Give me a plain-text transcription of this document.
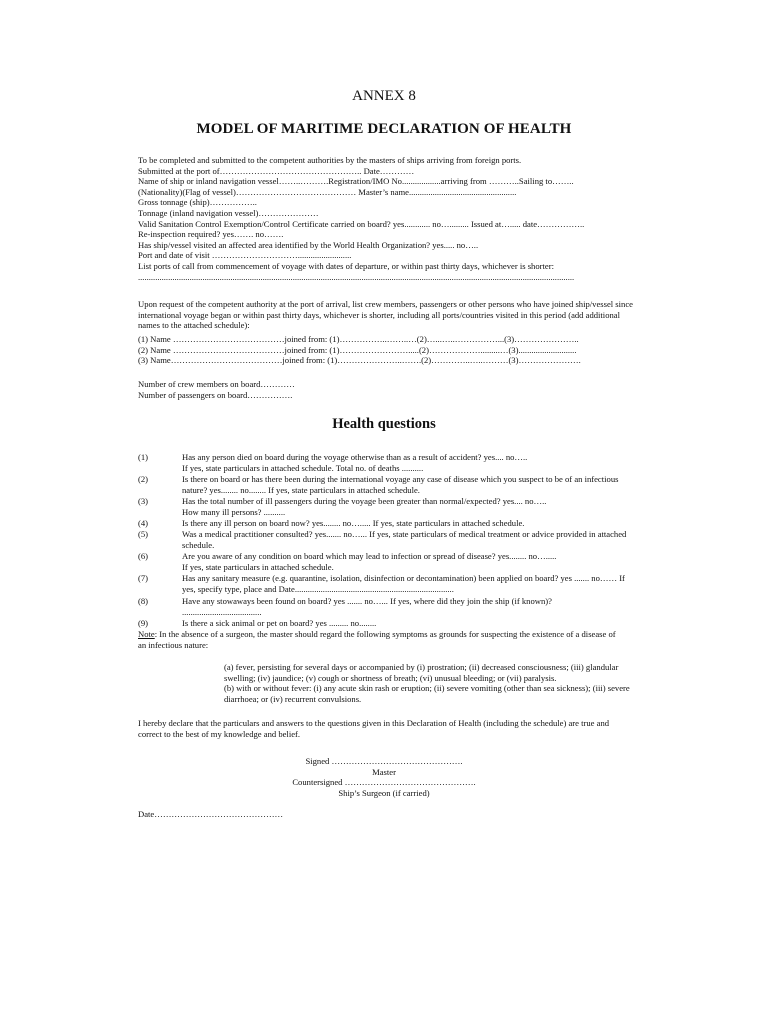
ANNEX 8
MODEL OF MARITIME DECLARATION OF HEALTH
To be completed and submitted to the competent authorities by the masters of ships arriving from foreign ports.
Submitted at the port of………………………………………….. Date…………
Name of ship or inland navigation vessel……..……….Registration/IMO No..................arriving from ………..Sailing to……..
(Nationality)(Flag of vessel)…………………………………… Master’s name..................................................
Gross tonnage (ship)……………..
Tonnage (inland navigation vessel)…………………
Valid Sanitation Control Exemption/Control Certificate carried on board? yes............ no…......... Issued at…..... date……………..
Re-inspection required? yes……. no…….
Has ship/vessel visited an affected area identified by the World Health Organization? yes..... no…..
Port and date of visit ………………………….........................
List ports of call from commencement of voyage with dates of departure, or within past thirty days, whichever is shorter:
...........................................................................................................................................................................................................
Upon request of the competent authority at the port of arrival, list crew members, passengers or other persons who have joined ship/vessel since international voyage began or within past thirty days, whichever is shorter, including all ports/countries visited in this period (add additional names to the attached schedule):
(1) Name …………………………………joined from: (1)……………..……..…(2)…...…..……………...(3)…………………..
(2) Name …………………………………joined from: (1)…………………….....(2)……………….........…(3)...........................
(3) Name…………………………………joined from: (1)…………………..…….(2)…………..…..………(3)………………….
Number of crew members on board…………
Number of passengers on board…………….
Health questions
(1)	Has any person died on board during the voyage otherwise than as a result of accident? yes.... no…..
If yes, state particulars in attached schedule. Total no. of deaths ..........
(2)	Is there on board or has there been during the international voyage any case of disease which you suspect to be of an infectious nature? yes........ no........ If yes, state particulars in attached schedule.
(3)	Has the total number of ill passengers during the voyage been greater than normal/expected? yes.... no…..
How many ill persons? ..........
(4)	Is there any ill person on board now? yes........ no…..... If yes, state particulars in attached schedule.
(5)	Was a medical practitioner consulted? yes....... no…... If yes, state particulars of medical treatment or advice provided in attached schedule.
(6)	Are you aware of any condition on board which may lead to infection or spread of disease? yes........ no….....
If yes, state particulars in attached schedule.
(7)	Has any sanitary measure (e.g. quarantine, isolation, disinfection or decontamination) been applied on board? yes ....... no…… If yes, specify type, place and Date..........................................................................
(8)	Have any stowaways been found on board? yes ....... no…... If yes, where did they join the ship (if known)?
.....................................
(9)	Is there a sick animal or pet on board? yes ......... no........
Note: In the absence of a surgeon, the master should regard the following symptoms as grounds for suspecting the existence of a disease of
an infectious nature:
(a) fever, persisting for several days or accompanied by (i) prostration; (ii) decreased consciousness; (iii) glandular swelling; (iv) jaundice; (v) cough or shortness of breath; (vi) unusual bleeding; or (vii) paralysis.
(b) with or without fever: (i) any acute skin rash or eruption; (ii) severe vomiting (other than sea sickness); (iii) severe diarrhoea; or (iv) recurrent convulsions.
I hereby declare that the particulars and answers to the questions given in this Declaration of Health (including the schedule) are true and correct to the best of my knowledge and belief.
Signed ……………………………………….
Master
Countersigned ……………………………………….
Ship’s Surgeon (if carried)
Date………………………………………
